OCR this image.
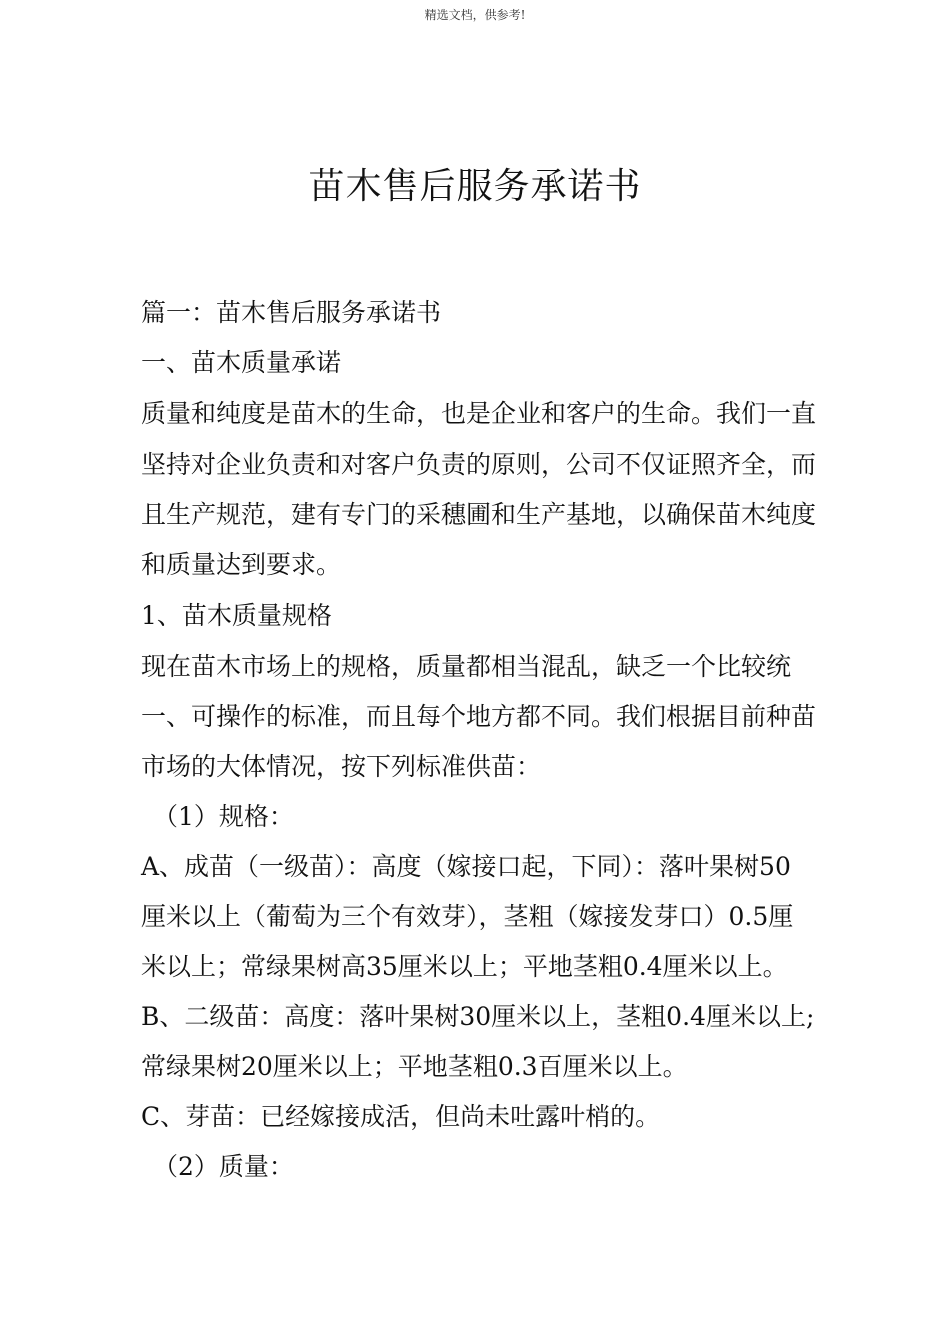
精选文档，供参考!
苗木售后服务承诺书
篇一：苗木售后服务承诺书
一、苗木质量承诺
质量和纯度是苗木的生命，也是企业和客户的生命。我们一直
坚持对企业负责和对客户负责的原则，公司不仅证照齐全，而
且生产规范，建有专门的采穗圃和生产基地，以确保苗木纯度
和质量达到要求。
1、苗木质量规格
现在苗木市场上的规格，质量都相当混乱，缺乏一个比较统
一、可操作的标准，而且每个地方都不同。我们根据目前种苗
市场的大体情况，按下列标准供苗：
（1）规格：
A、成苗（一级苗）：高度（嫁接口起，下同）：落叶果树50
厘米以上（葡萄为三个有效芽），茎粗（嫁接发芽口）0.5厘
米以上；常绿果树高35厘米以上；平地茎粗0.4厘米以上。
B、二级苗：高度：落叶果树30厘米以上，茎粗0.4厘米以上;
常绿果树20厘米以上；平地茎粗0.3百厘米以上。
C、芽苗：已经嫁接成活，但尚未吐露叶梢的。
（2）质量：
